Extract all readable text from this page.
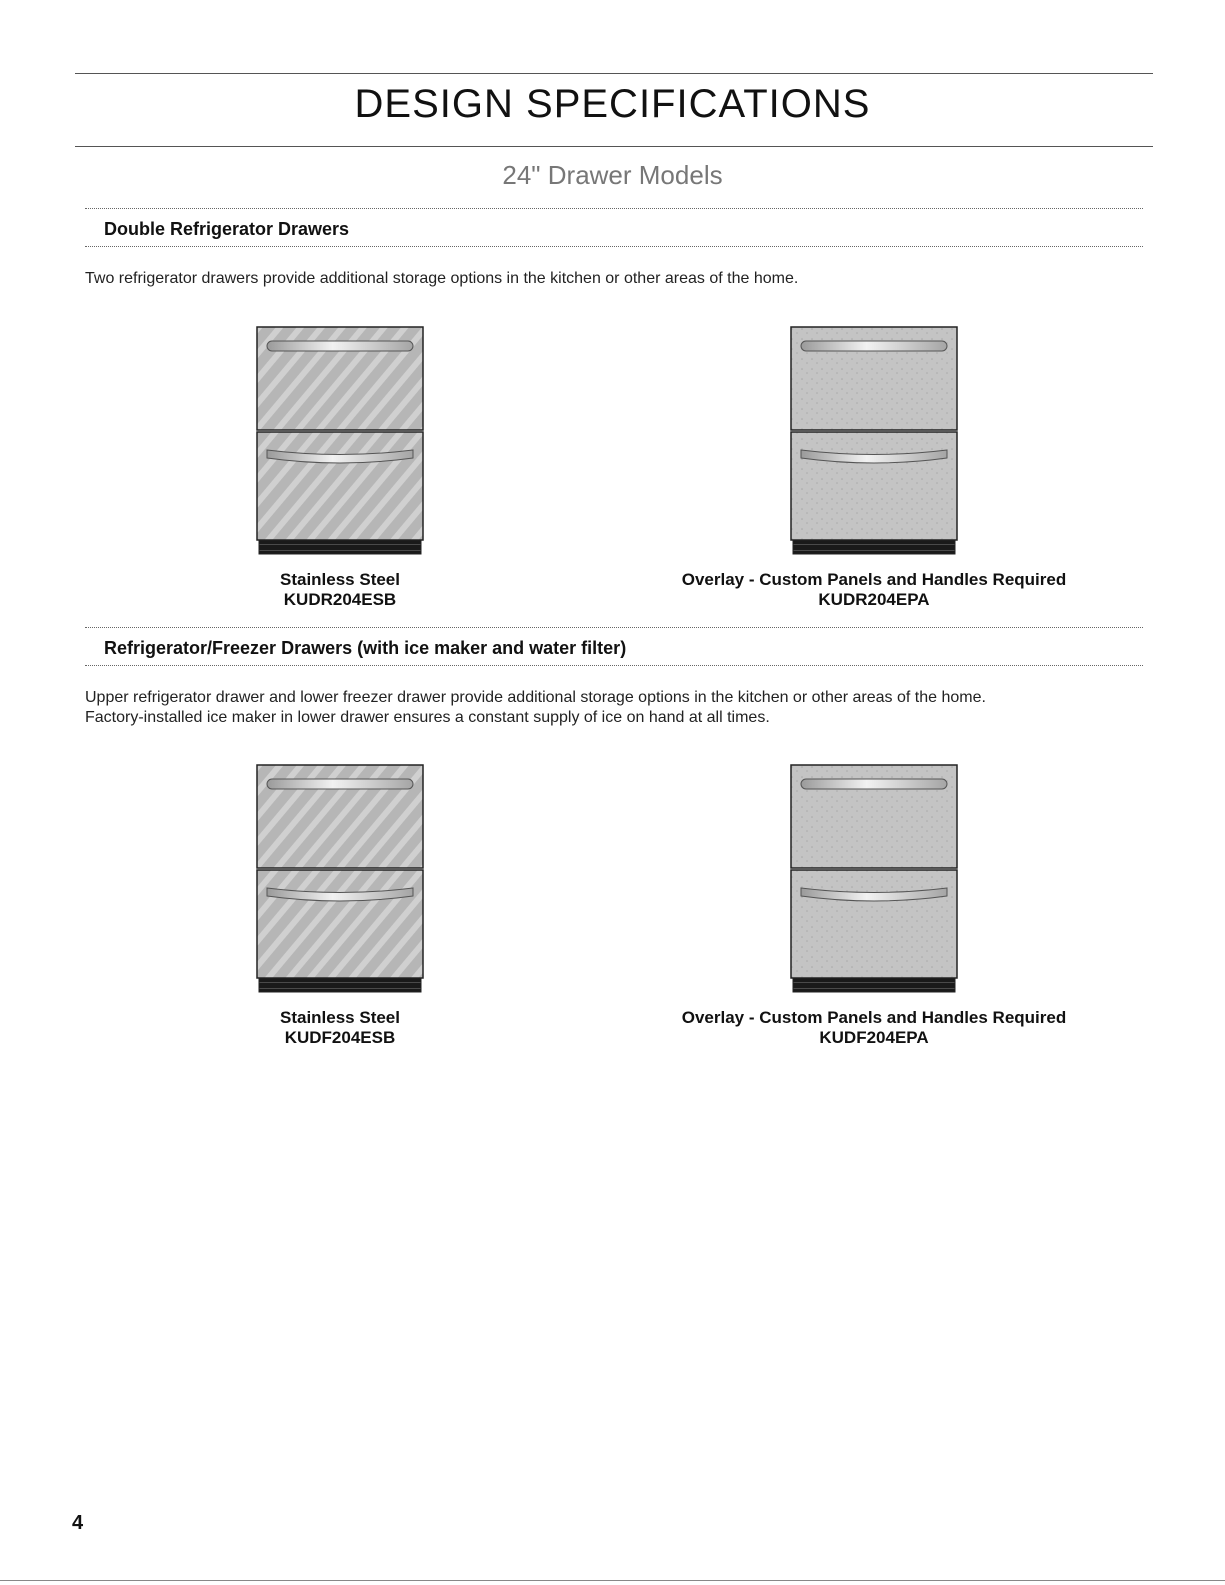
DESIGN SPECIFICATIONS
24" Drawer Models
Double Refrigerator Drawers
Two refrigerator drawers provide additional storage options in the kitchen or other areas of the home.
Stainless Steel
KUDR204ESB
Overlay - Custom Panels and Handles Required
KUDR204EPA
Refrigerator/Freezer Drawers (with ice maker and water filter)
Upper refrigerator drawer and lower freezer drawer provide additional storage options in the kitchen or other areas of the home.
Factory-installed ice maker in lower drawer ensures a constant supply of ice on hand at all times.
Stainless Steel
KUDF204ESB
Overlay - Custom Panels and Handles Required
KUDF204EPA
4
